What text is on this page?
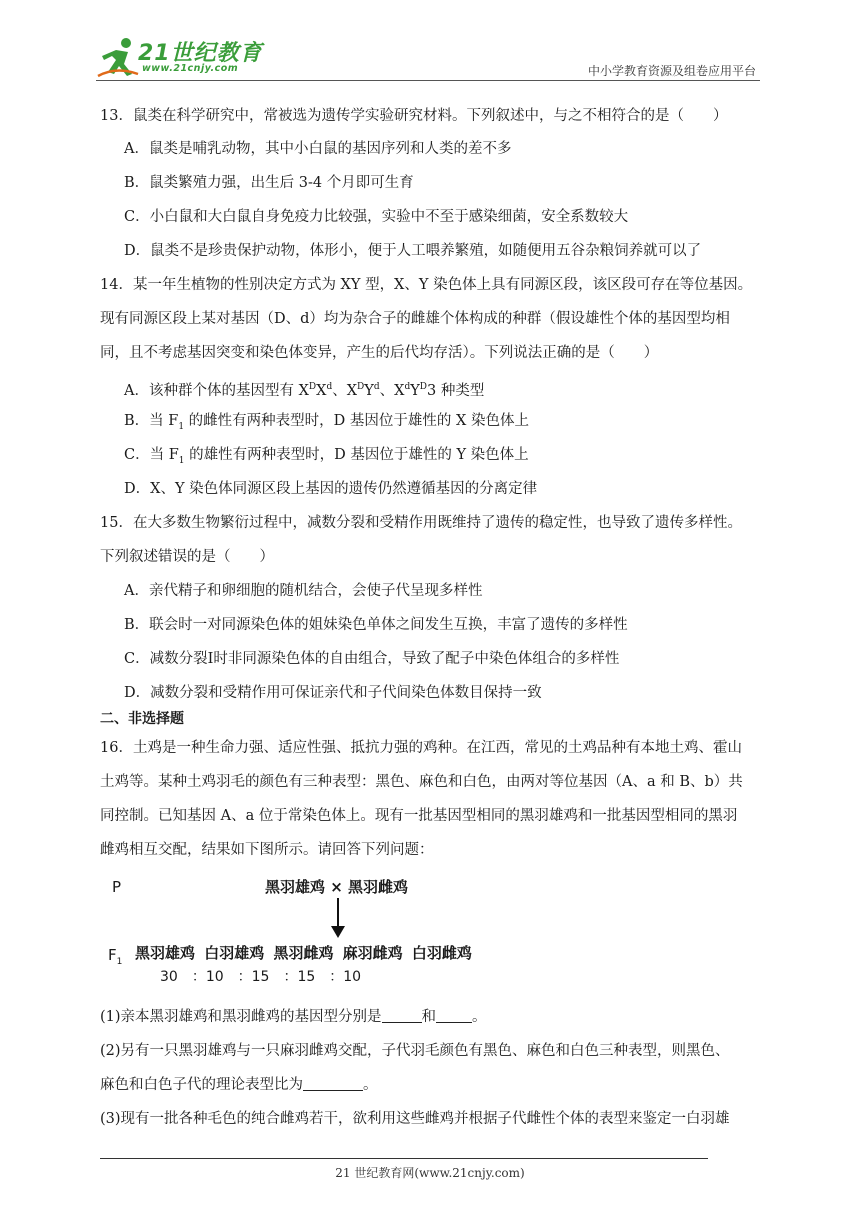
21世纪教育
www.21cnjy.com	中小学教育资源及组卷应用平台
13．鼠类在科学研究中，常被选为遗传学实验研究材料。下列叙述中，与之不相符合的是（　　）
A．鼠类是哺乳动物，其中小白鼠的基因序列和人类的差不多
B．鼠类繁殖力强，出生后 3-4 个月即可生育
C．小白鼠和大白鼠自身免疫力比较强，实验中不至于感染细菌，安全系数较大
D．鼠类不是珍贵保护动物，体形小，便于人工喂养繁殖，如随便用五谷杂粮饲养就可以了
14．某一年生植物的性别决定方式为 XY 型，X、Y 染色体上具有同源区段，该区段可存在等位基因。
现有同源区段上某对基因（D、d）均为杂合子的雌雄个体构成的种群（假设雄性个体的基因型均相
同，且不考虑基因突变和染色体变异，产生的后代均存活）。下列说法正确的是（　　）
A．该种群个体的基因型有 $X^DX^d$、$X^DY^d$、$X^dY^D3$ 种类型
B．当 $F_1$ 的雌性有两种表型时，D 基因位于雄性的 X 染色体上
C．当 $F_1$ 的雄性有两种表型时，D 基因位于雄性的 Y 染色体上
D．X、Y 染色体同源区段上基因的遗传仍然遵循基因的分离定律
15．在大多数生物繁衍过程中，减数分裂和受精作用既维持了遗传的稳定性，也导致了遗传多样性。
下列叙述错误的是（　　）
A．亲代精子和卵细胞的随机结合，会使子代呈现多样性
B．联会时一对同源染色体的姐妹染色单体之间发生互换，丰富了遗传的多样性
C．减数分裂Ⅰ时非同源染色体的自由组合，导致了配子中染色体组合的多样性
D．减数分裂和受精作用可保证亲代和子代间染色体数目保持一致
二、非选择题
16．土鸡是一种生命力强、适应性强、抵抗力强的鸡种。在江西，常见的土鸡品种有本地土鸡、霍山
土鸡等。某种土鸡羽毛的颜色有三种表型：黑色、麻色和白色，由两对等位基因（A、a 和 B、b）共
同控制。已知基因 A、a 位于常染色体上。现有一批基因型相同的黑羽雄鸡和一批基因型相同的黑羽
雌鸡相互交配，结果如下图所示。请回答下列问题：
P	黑羽雄鸡 × 黑羽雌鸡
$F_1$ 黑羽雄鸡 白羽雄鸡 黑羽雌鸡 麻羽雌鸡 白羽雌鸡
30　：10　：15　：15　：10
(1)亲本黑羽雄鸡和黑羽雌鸡的基因型分别是	和 。
(2)另有一只黑羽雄鸡与一只麻羽雌鸡交配，子代羽毛颜色有黑色、麻色和白色三种表型，则黑色、
麻色和白色子代的理论表型比为	。
(3)现有一批各种毛色的纯合雌鸡若干，欲利用这些雌鸡并根据子代雌性个体的表型来鉴定一白羽雄
21 世纪教育网(www.21cnjy.com)
